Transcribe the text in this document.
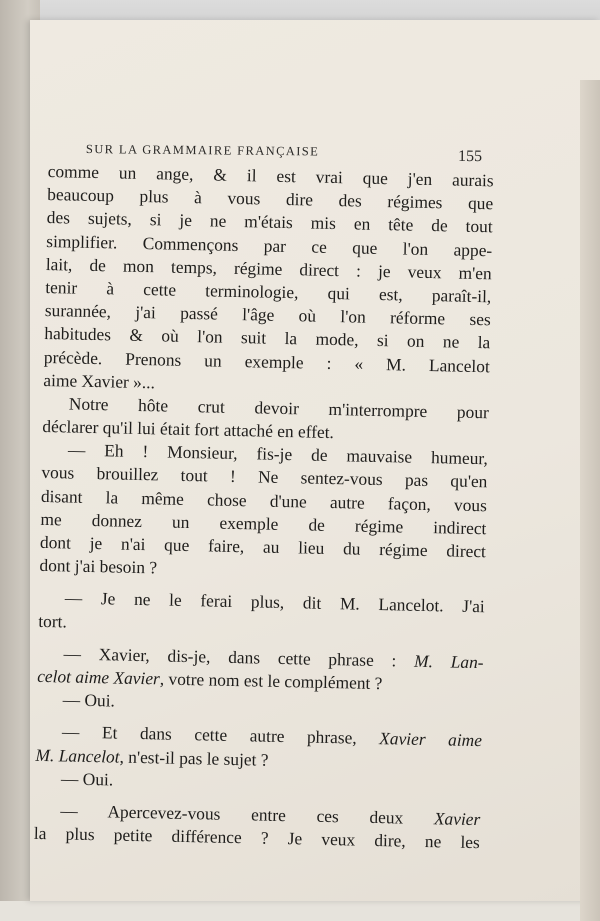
SUR LA GRAMMAIRE FRANÇAISE	155
comme un ange, & il est vrai que j'en aurais
beaucoup plus à vous dire des régimes que
des sujets, si je ne m'étais mis en tête de tout
simplifier. Commençons par ce que l'on appe-
lait, de mon temps, régime direct : je veux m'en
tenir à cette terminologie, qui est, paraît-il,
surannée, j'ai passé l'âge où l'on réforme ses
habitudes & où l'on suit la mode, si on ne la
précède. Prenons un exemple : « M. Lancelot
aime Xavier »...
Notre hôte crut devoir m'interrompre pour
déclarer qu'il lui était fort attaché en effet.
— Eh ! Monsieur, fis-je de mauvaise humeur,
vous brouillez tout ! Ne sentez-vous pas qu'en
disant la même chose d'une autre façon, vous
me donnez un exemple de régime indirect
dont je n'ai que faire, au lieu du régime direct
dont j'ai besoin ?
— Je ne le ferai plus, dit M. Lancelot. J'ai
tort.
— Xavier, dis-je, dans cette phrase : M. Lan-
celot aime Xavier, votre nom est le complément ?
— Oui.
— Et dans cette autre phrase, Xavier aime
M. Lancelot, n'est-il pas le sujet ?
— Oui.
— Apercevez-vous entre ces deux Xavier
la plus petite différence ? Je veux dire, ne les
